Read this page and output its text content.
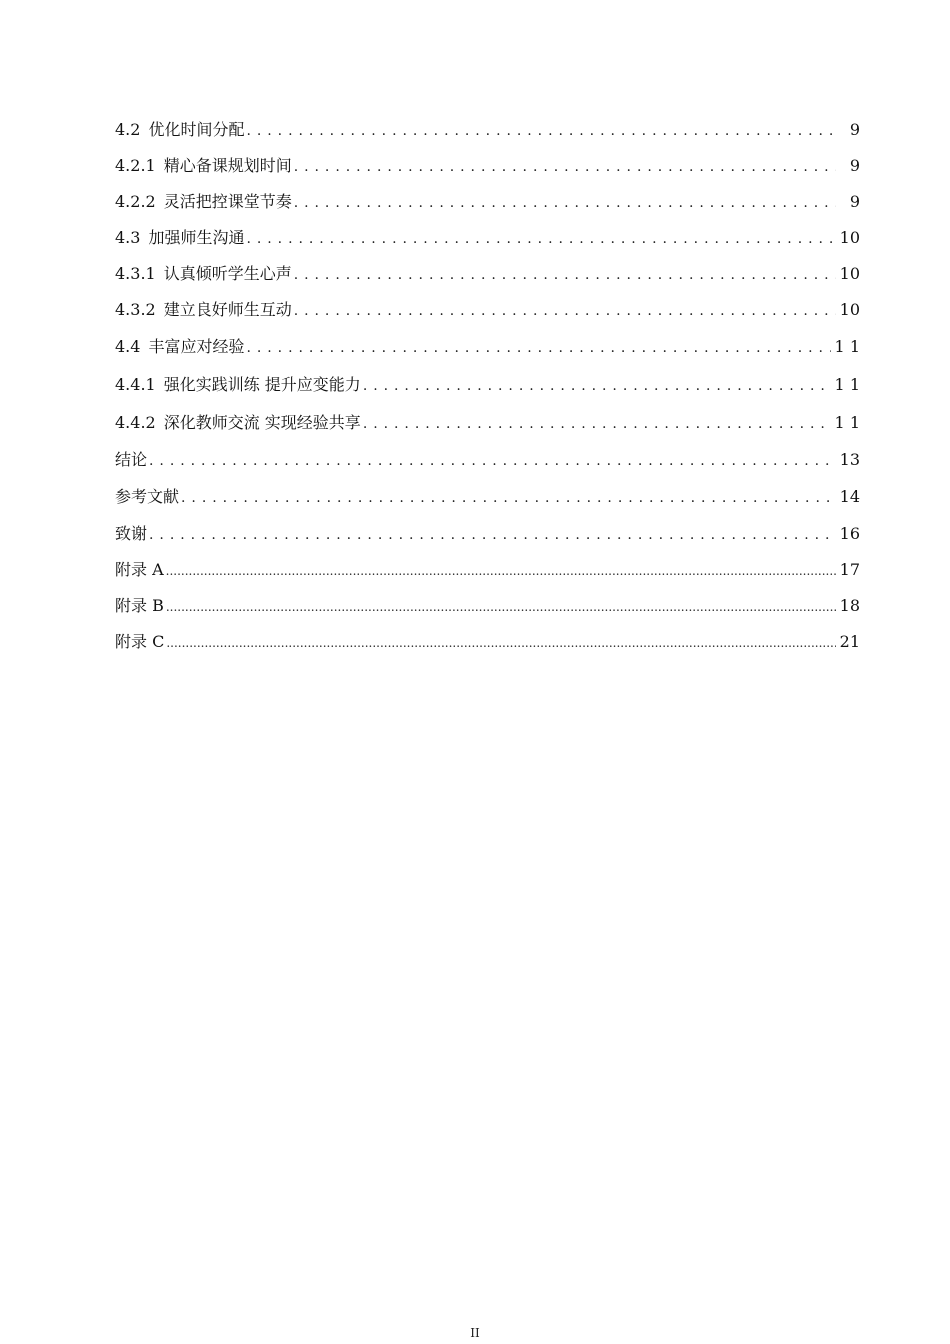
4.2 优化时间分配 . . .	9
4.2.1 精心备课规划时间 . . .	9
4.2.2 灵活把控课堂节奏 . . .	9
4.3 加强师生沟通 . . .	10
4.3.1 认真倾听学生心声 . . .	10
4.3.2 建立良好师生互动 . . .	10
4.4 丰富应对经验 . . .	1 1
4.4.1 强化实践训练 提升应变能力 . . .	1 1
4.4.2 深化教师交流 实现经验共享 . . .	1 1
结论 . . .	13
参考文献 . . .	14
致谢 . . .	16
附录 A .....	17
附录 B .....	18
附录 C .....	21
II
